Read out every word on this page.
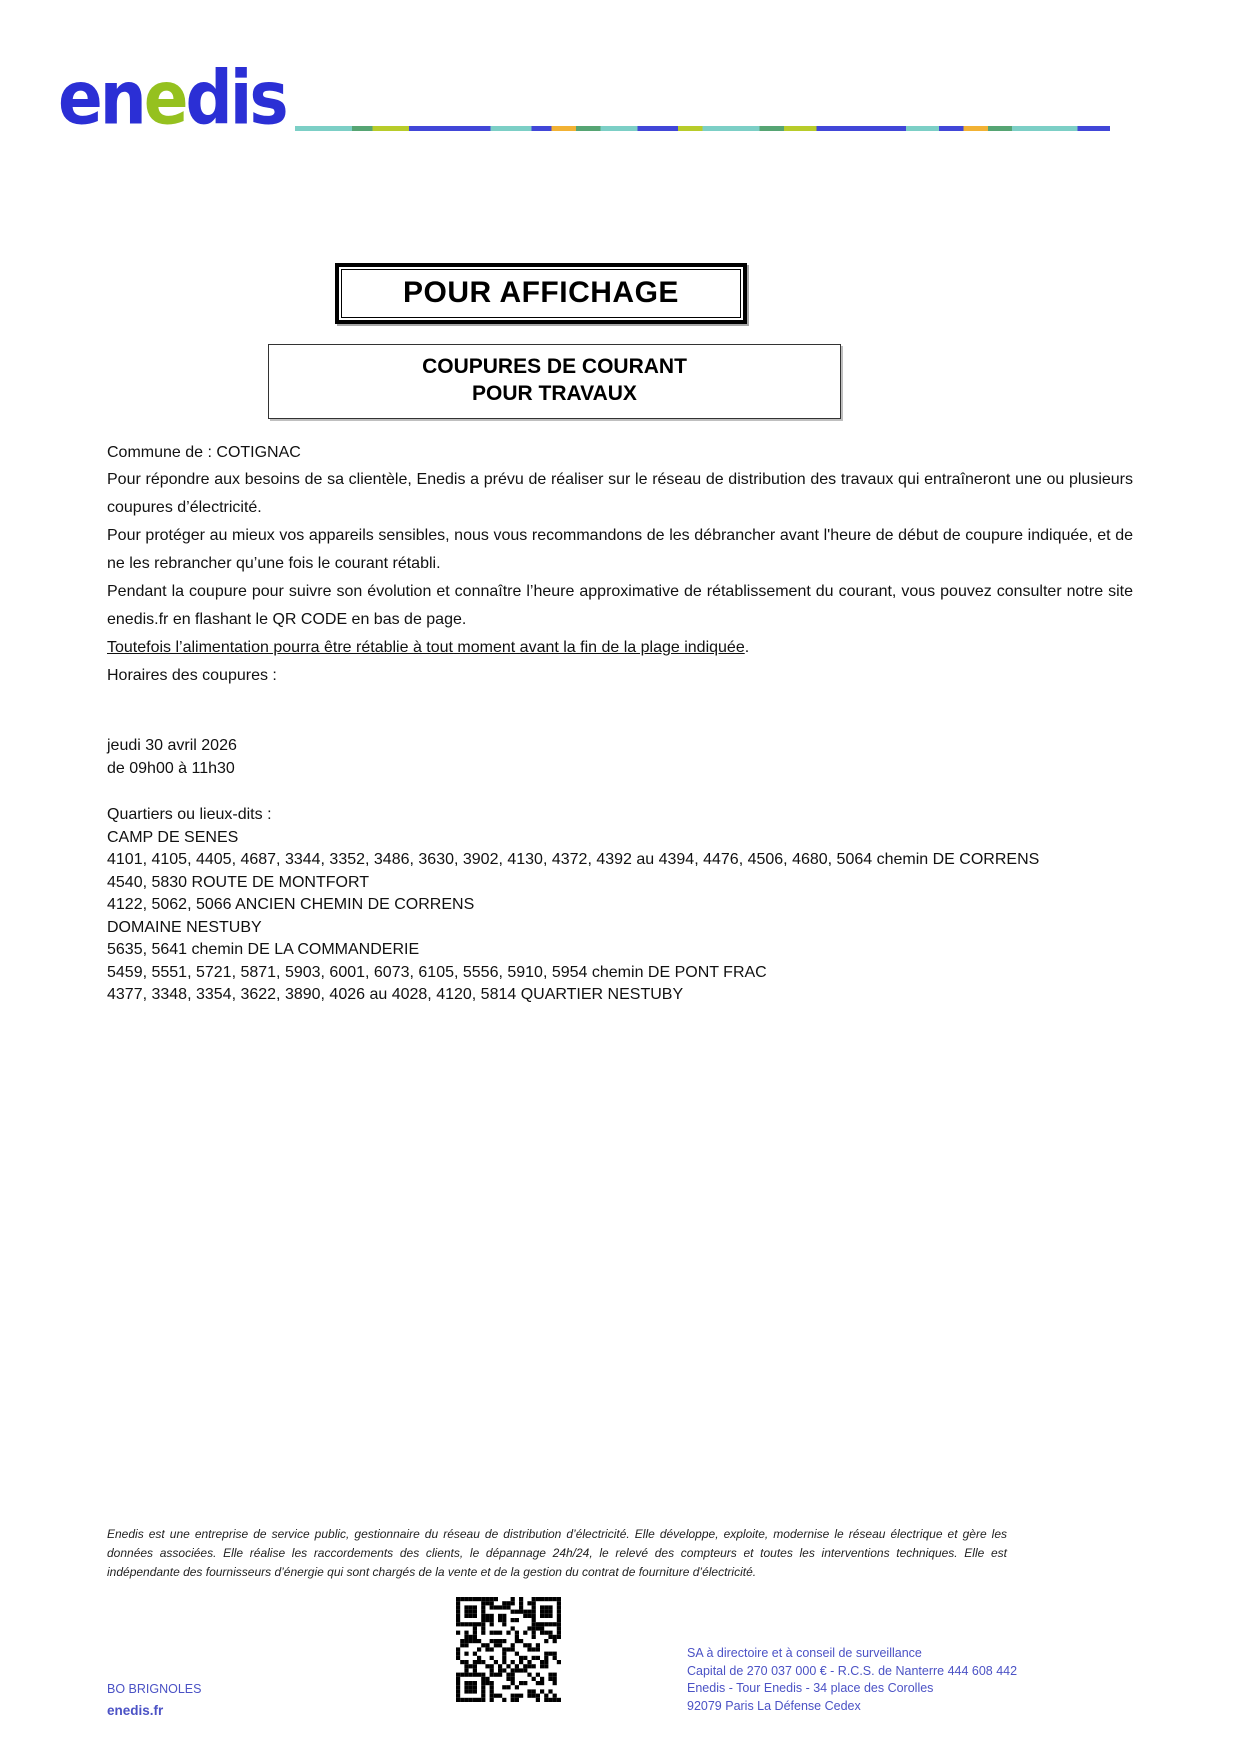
enedis
POUR AFFICHAGE
COUPURES DE COURANT
POUR TRAVAUX

Commune de : COTIGNAC

Pour répondre aux besoins de sa clientèle, Enedis a prévu de réaliser sur le réseau de distribution des travaux qui entraîneront une ou plusieurs coupures d’électricité.

Pour protéger au mieux vos appareils sensibles, nous vous recommandons de les débrancher avant l'heure de début de coupure indiquée, et de ne les rebrancher qu’une fois le courant rétabli.

Pendant la coupure pour suivre son évolution et connaître l’heure approximative de rétablissement du courant, vous pouvez consulter notre site enedis.fr en flashant le QR CODE en bas de page.

Toutefois l’alimentation pourra être rétablie à tout moment avant la fin de la plage indiquée.

Horaires des coupures :

jeudi 30 avril 2026

de 09h00 à 11h30

Quartiers ou lieux-dits :

CAMP DE SENES

4101, 4105, 4405, 4687, 3344, 3352, 3486, 3630, 3902, 4130, 4372, 4392 au 4394, 4476, 4506, 4680, 5064 chemin DE CORRENS

4540, 5830 ROUTE DE MONTFORT

4122, 5062, 5066 ANCIEN CHEMIN DE CORRENS

DOMAINE NESTUBY

5635, 5641 chemin DE LA COMMANDERIE

5459, 5551, 5721, 5871, 5903, 6001, 6073, 6105, 5556, 5910, 5954 chemin DE PONT FRAC

4377, 3348, 3354, 3622, 3890, 4026 au 4028, 4120, 5814 QUARTIER NESTUBY

Enedis est une entreprise de service public, gestionnaire du réseau de distribution d’électricité. Elle développe, exploite, modernise le réseau électrique et gère les données associées. Elle réalise les raccordements des clients, le dépannage 24h/24, le relevé des compteurs et toutes les interventions techniques. Elle est indépendante des fournisseurs d’énergie qui sont chargés de la vente et de la gestion du contrat de fourniture d’électricité.

SA à directoire et à conseil de surveillance

Capital de 270 037 000 € - R.C.S. de Nanterre 444 608 442

Enedis - Tour Enedis - 34 place des Corolles

92079 Paris La Défense Cedex

BO BRIGNOLES
enedis.fr
